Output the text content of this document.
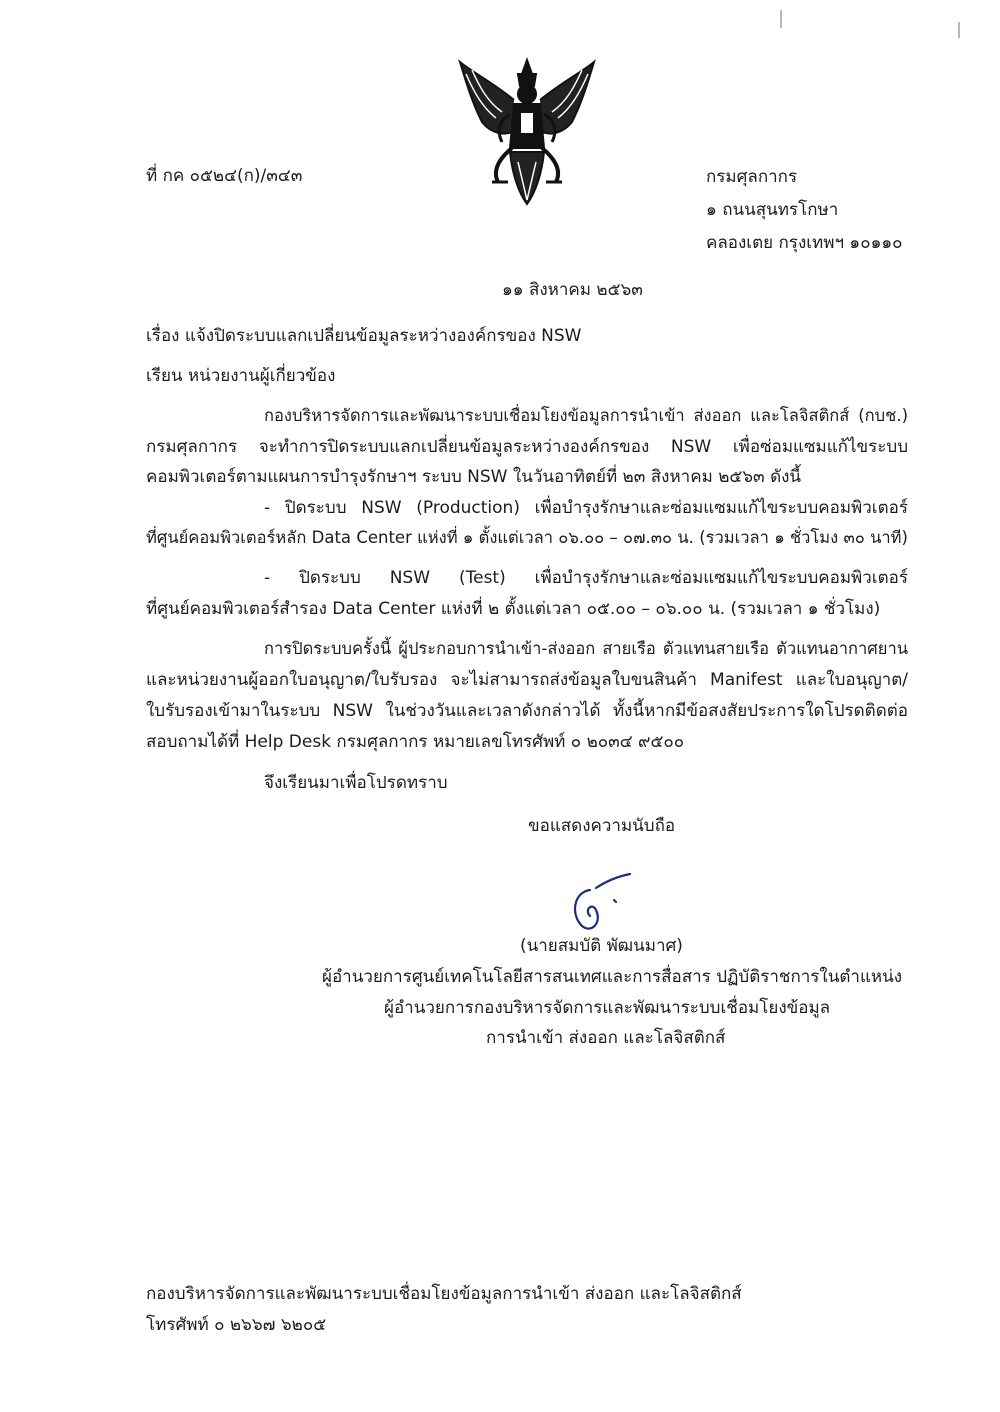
ที่ กค ๐๕๒๔(ก)/๓๔๓	กรมศุลกากร

๑ ถนนสุนทรโกษา

คลองเตย กรุงเทพฯ ๑๐๑๑๐

๑๑ สิงหาคม ๒๕๖๓

เรื่อง แจ้งปิดระบบแลกเปลี่ยนข้อมูลระหว่างองค์กรของ NSW

เรียน หน่วยงานผู้เกี่ยวข้อง

กองบริหารจัดการและพัฒนาระบบเชื่อมโยงข้อมูลการนำเข้า ส่งออก และโลจิสติกส์ (กบช.)

กรมศุลกากร จะทำการปิดระบบแลกเปลี่ยนข้อมูลระหว่างองค์กรของ NSW เพื่อซ่อมแซมแก้ไขระบบ

คอมพิวเตอร์ตามแผนการบำรุงรักษาฯ ระบบ NSW ในวันอาทิตย์ที่ ๒๓ สิงหาคม ๒๕๖๓ ดังนี้

- ปิดระบบ NSW (Production) เพื่อบำรุงรักษาและซ่อมแซมแก้ไขระบบคอมพิวเตอร์

ที่ศูนย์คอมพิวเตอร์หลัก Data Center แห่งที่ ๑ ตั้งแต่เวลา ๐๖.๐๐ – ๐๗.๓๐ น. (รวมเวลา ๑ ชั่วโมง ๓๐ นาที)

- ปิดระบบ NSW (Test) เพื่อบำรุงรักษาและซ่อมแซมแก้ไขระบบคอมพิวเตอร์

ที่ศูนย์คอมพิวเตอร์สำรอง Data Center แห่งที่ ๒ ตั้งแต่เวลา ๐๕.๐๐ – ๐๖.๐๐ น. (รวมเวลา ๑ ชั่วโมง)

การปิดระบบครั้งนี้ ผู้ประกอบการนำเข้า-ส่งออก สายเรือ ตัวแทนสายเรือ ตัวแทนอากาศยาน

และหน่วยงานผู้ออกใบอนุญาต/ใบรับรอง จะไม่สามารถส่งข้อมูลใบขนสินค้า Manifest และใบอนุญาต/

ใบรับรองเข้ามาในระบบ NSW ในช่วงวันและเวลาดังกล่าวได้ ทั้งนี้หากมีข้อสงสัยประการใดโปรดติดต่อ

สอบถามได้ที่ Help Desk กรมศุลกากร หมายเลขโทรศัพท์ ๐ ๒๐๓๔ ๙๕๐๐

จึงเรียนมาเพื่อโปรดทราบ

ขอแสดงความนับถือ

(นายสมบัติ พัฒนมาศ)

ผู้อำนวยการศูนย์เทคโนโลยีสารสนเทศและการสื่อสาร ปฏิบัติราชการในตำแหน่ง

ผู้อำนวยการกองบริหารจัดการและพัฒนาระบบเชื่อมโยงข้อมูล

การนำเข้า ส่งออก และโลจิสติกส์

กองบริหารจัดการและพัฒนาระบบเชื่อมโยงข้อมูลการนำเข้า ส่งออก และโลจิสติกส์

โทรศัพท์ ๐ ๒๖๖๗ ๖๒๐๕
